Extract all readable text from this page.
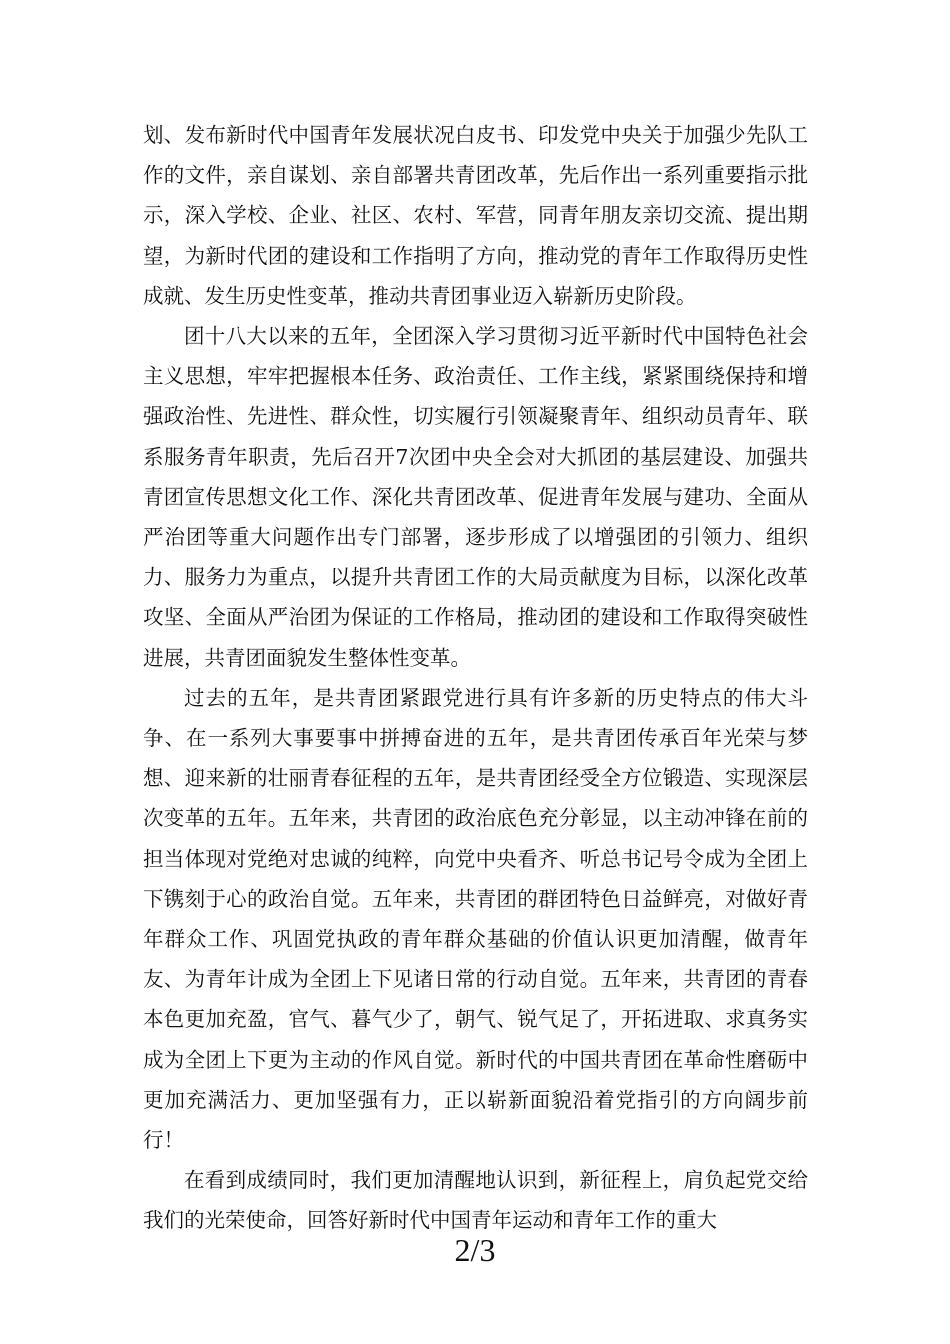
划、发布新时代中国青年发展状况白皮书、印发党中央关于加强少先队工作的文件，亲自谋划、亲自部署共青团改革，先后作出一系列重要指示批示，深入学校、企业、社区、农村、军营，同青年朋友亲切交流、提出期望，为新时代团的建设和工作指明了方向，推动党的青年工作取得历史性成就、发生历史性变革，推动共青团事业迈入崭新历史阶段。

团十八大以来的五年，全团深入学习贯彻习近平新时代中国特色社会主义思想，牢牢把握根本任务、政治责任、工作主线，紧紧围绕保持和增强政治性、先进性、群众性，切实履行引领凝聚青年、组织动员青年、联系服务青年职责，先后召开7次团中央全会对大抓团的基层建设、加强共青团宣传思想文化工作、深化共青团改革、促进青年发展与建功、全面从严治团等重大问题作出专门部署，逐步形成了以增强团的引领力、组织力、服务力为重点，以提升共青团工作的大局贡献度为目标，以深化改革攻坚、全面从严治团为保证的工作格局，推动团的建设和工作取得突破性进展，共青团面貌发生整体性变革。

过去的五年，是共青团紧跟党进行具有许多新的历史特点的伟大斗争、在一系列大事要事中拼搏奋进的五年，是共青团传承百年光荣与梦想、迎来新的壮丽青春征程的五年，是共青团经受全方位锻造、实现深层次变革的五年。五年来，共青团的政治底色充分彰显，以主动冲锋在前的担当体现对党绝对忠诚的纯粹，向党中央看齐、听总书记号令成为全团上下镌刻于心的政治自觉。五年来，共青团的群团特色日益鲜亮，对做好青年群众工作、巩固党执政的青年群众基础的价值认识更加清醒，做青年友、为青年计成为全团上下见诸日常的行动自觉。五年来，共青团的青春本色更加充盈，官气、暮气少了，朝气、锐气足了，开拓进取、求真务实成为全团上下更为主动的作风自觉。新时代的中国共青团在革命性磨砺中更加充满活力、更加坚强有力，正以崭新面貌沿着党指引的方向阔步前行！

在看到成绩同时，我们更加清醒地认识到，新征程上，肩负起党交给我们的光荣使命，回答好新时代中国青年运动和青年工作的重大

2/3
